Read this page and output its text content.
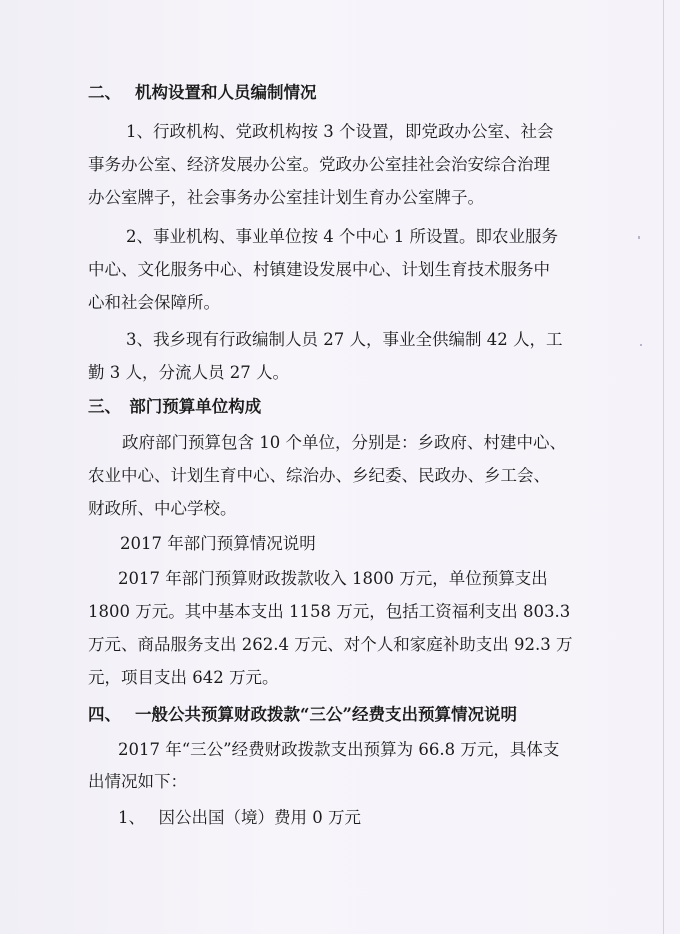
二、　 机构设置和人员编制情况
1、行政机构、党政机构按 3 个设置，即党政办公室、社会
事务办公室、经济发展办公室。党政办公室挂社会治安综合治理
办公室牌子，社会事务办公室挂计划生育办公室牌子。
2、事业机构、事业单位按 4 个中心 1 所设置。即农业服务
中心、文化服务中心、村镇建设发展中心、计划生育技术服务中
心和社会保障所。
3、我乡现有行政编制人员 27 人，事业全供编制 42 人，工
勤 3 人，分流人员 27 人。
三、　部门预算单位构成
政府部门预算包含 10 个单位，分别是：乡政府、村建中心、
农业中心、计划生育中心、综治办、乡纪委、民政办、乡工会、
财政所、中心学校。
2017 年部门预算情况说明
2017 年部门预算财政拨款收入 1800 万元，单位预算支出
1800 万元。其中基本支出 1158 万元，包括工资福利支出 803.3
万元、商品服务支出 262.4 万元、对个人和家庭补助支出 92.3 万
元，项目支出 642 万元。
四、　 一般公共预算财政拨款“三公”经费支出预算情况说明
2017 年“三公”经费财政拨款支出预算为 66.8 万元，具体支
出情况如下：
1、　 因公出国（境）费用 0 万元
